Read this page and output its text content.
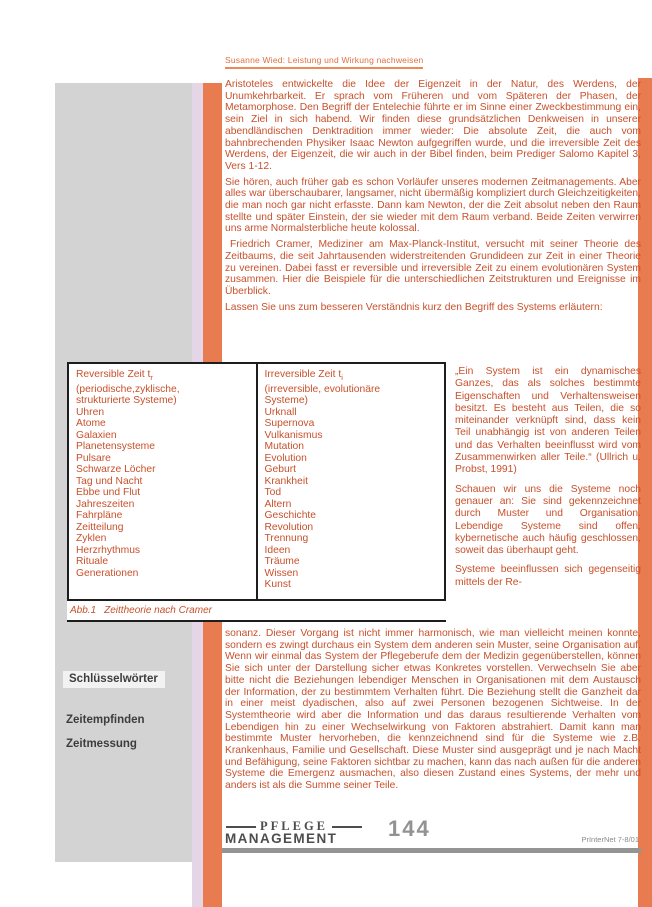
Susanne Wied: Leistung und Wirkung nachweisen

Aristoteles entwickelte die Idee der Eigenzeit in der Natur, des Werdens, der Unumkehrbarkeit. Er sprach vom Früheren und vom Späteren der Phasen, der Metamorphose. Den Begriff der Entelechie führte er im Sinne einer Zweckbestimmung ein, sein Ziel in sich habend. Wir finden diese grundsätzlichen Denkweisen in unserer abendländischen Denktradition immer wieder: Die absolute Zeit, die auch vom bahnbrechenden Physiker Isaac Newton aufgegriffen wurde, und die irreversible Zeit des Werdens, der Eigenzeit, die wir auch in der Bibel finden, beim Prediger Salomo Kapitel 3, Vers 1-12.

Sie hören, auch früher gab es schon Vorläufer unseres modernen Zeitmanagements. Aber alles war überschaubarer, langsamer, nicht übermäßig kompliziert durch Gleichzeitigkeiten, die man noch gar nicht erfasste. Dann kam Newton, der die Zeit absolut neben den Raum stellte und später Einstein, der sie wieder mit dem Raum verband. Beide Zeiten verwirren uns arme Normalsterbliche heute kolossal.

Friedrich Cramer, Mediziner am Max-Planck-Institut, versucht mit seiner Theorie des Zeitbaums, die seit Jahrtausenden widerstreitenden Grundideen zur Zeit in einer Theorie zu vereinen. Dabei fasst er reversible und irreversible Zeit zu einem evolutionären System zusammen. Hier die Beispiele für die unterschiedlichen Zeitstrukturen und Ereignisse im Überblick.

Lassen Sie uns zum besseren Verständnis kurz den Begriff des Systems erläutern:

Reversible Zeit $t_r$
(periodische,zyklische,
strukturierte Systeme)
Uhren
Atome
Galaxien
Planetensysteme
Pulsare
Schwarze Löcher
Tag und Nacht
Ebbe und Flut
Jahreszeiten
Fahrpläne
Zeitteilung
Zyklen
Herzrhythmus
Rituale
Generationen
Irreversible Zeit $t_i$
(irreversible, evolutionäre
Systeme)
Urknall
Supernova
Vulkanismus
Mutation
Evolution
Geburt
Krankheit
Tod
Altern
Geschichte
Revolution
Trennung
Ideen
Träume
Wissen
Kunst
Abb.1 Zeittheorie nach Cramer

„Ein System ist ein dynamisches Ganzes, das als solches bestimmte Eigenschaften und Verhaltensweisen besitzt. Es besteht aus Teilen, die so miteinander verknüpft sind, dass kein Teil unabhängig ist von anderen Teilen und das Verhalten beeinflusst wird vom Zusammenwirken aller Teile.“ (Ullrich u. Probst, 1991)

Schauen wir uns die Systeme noch genauer an: Sie sind gekennzeichnet durch Muster und Organisation. Lebendige Systeme sind offen, kybernetische auch häufig geschlossen, soweit das überhaupt geht.

Systeme beeinflussen sich gegenseitig mittels der Re-

sonanz. Dieser Vorgang ist nicht immer harmonisch, wie man vielleicht meinen konnte, sondern es zwingt durchaus ein System dem anderen sein Muster, seine Organisation auf. Wenn wir einmal das System der Pflegeberufe dem der Medizin gegenüberstellen, können Sie sich unter der Darstellung sicher etwas Konkretes vorstellen. Verwechseln Sie aber bitte nicht die Beziehungen lebendiger Menschen in Organisationen mit dem Austausch der Information, der zu bestimmtem Verhalten führt. Die Beziehung stellt die Ganzheit dar in einer meist dyadischen, also auf zwei Personen bezogenen Sichtweise. In der Systemtheorie wird aber die Information und das daraus resultierende Verhalten vom Lebendigen hin zu einer Wechselwirkung von Faktoren abstrahiert. Damit kann man bestimmte Muster hervorheben, die kennzeichnend sind für die Systeme wie z.B. Krankenhaus, Familie und Gesellschaft. Diese Muster sind ausgeprägt und je nach Macht und Befähigung, seine Faktoren sichtbar zu machen, kann das nach außen für die anderen Systeme die Emergenz ausmachen, also diesen Zustand eines Systems, der mehr und anders ist als die Summe seiner Teile.
Schlüsselwörter
Zeitempfinden
Zeitmessung
PFLEGE
MANAGEMENT 144	PrInterNet 7-8/01
